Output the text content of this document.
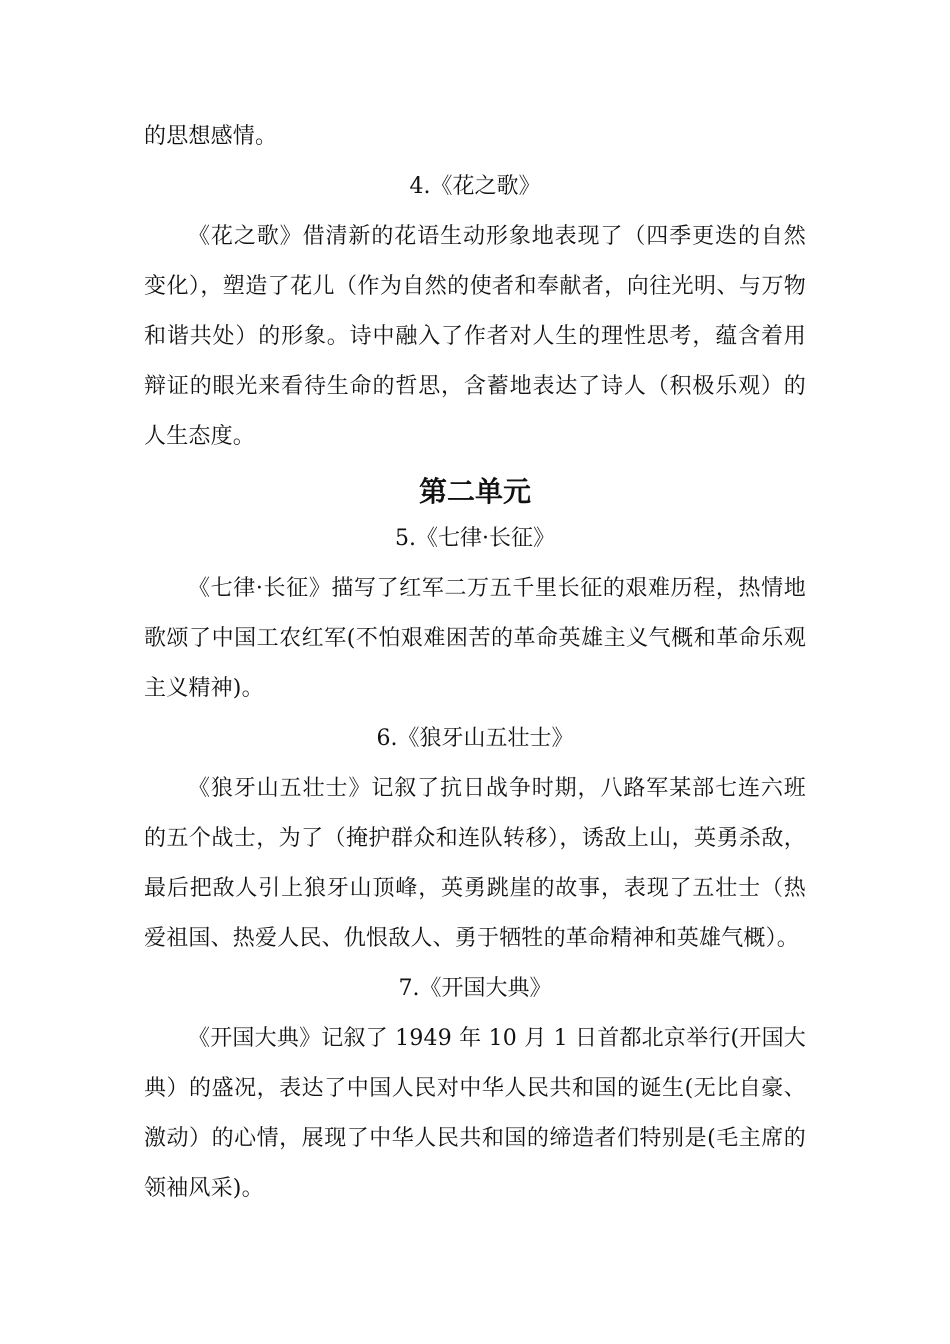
的思想感情。

4.《花之歌》

《花之歌》借清新的花语生动形象地表现了（四季更迭的自然变化），塑造了花儿（作为自然的使者和奉献者，向往光明、与万物和谐共处）的形象。诗中融入了作者对人生的理性思考，蕴含着用辩证的眼光来看待生命的哲思，含蓄地表达了诗人（积极乐观）的人生态度。

第二单元
5.《七律·长征》

《七律·长征》描写了红军二万五千里长征的艰难历程，热情地歌颂了中国工农红军(不怕艰难困苦的革命英雄主义气概和革命乐观主义精神)。

6.《狼牙山五壮士》

《狼牙山五壮士》记叙了抗日战争时期，八路军某部七连六班的五个战士，为了（掩护群众和连队转移），诱敌上山，英勇杀敌，最后把敌人引上狼牙山顶峰，英勇跳崖的故事，表现了五壮士（热爱祖国、热爱人民、仇恨敌人、勇于牺牲的革命精神和英雄气概）。

7.《开国大典》

《开国大典》记叙了 1949 年 10 月 1 日首都北京举行(开国大典）的盛况，表达了中国人民对中华人民共和国的诞生(无比自豪、激动）的心情，展现了中华人民共和国的缔造者们特别是(毛主席的领袖风采)。
